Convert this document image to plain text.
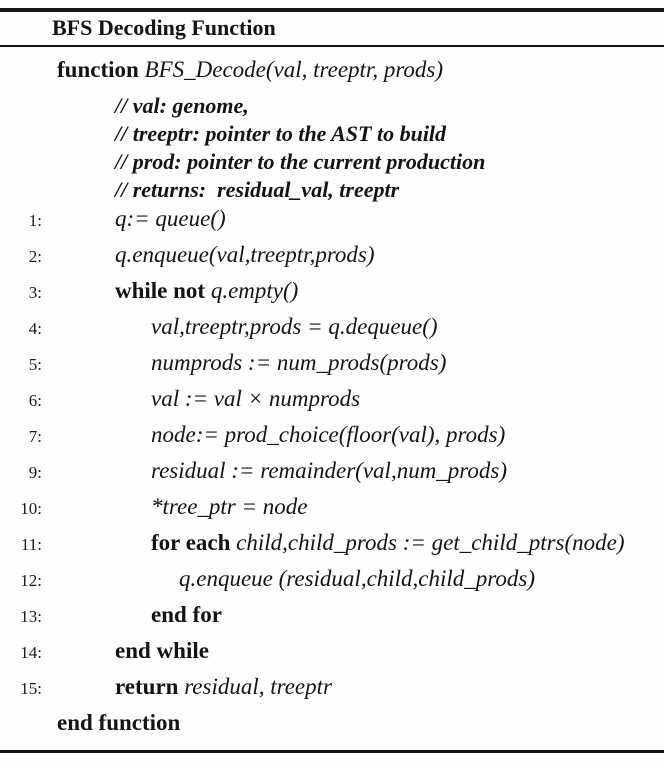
BFS Decoding Function
function BFS_Decode(val, treeptr, prods)
// val: genome,
// treeptr: pointer to the AST to build
// prod: pointer to the current production
// returns:  residual_val, treeptr
1:	q:= queue()
2:	q.enqueue(val,treeptr,prods)
3:	while not q.empty()
4:	val,treeptr,prods = q.dequeue()
5:	numprods := num_prods(prods)
6:	val := val × numprods
7:	node:= prod_choice(floor(val), prods)
9:	residual := remainder(val,num_prods)
10:	*tree_ptr = node
11:	for each child,child_prods := get_child_ptrs(node)
12:	q.enqueue (residual,child,child_prods)
13:	end for
14:	end while
15:	return residual, treeptr
end function
